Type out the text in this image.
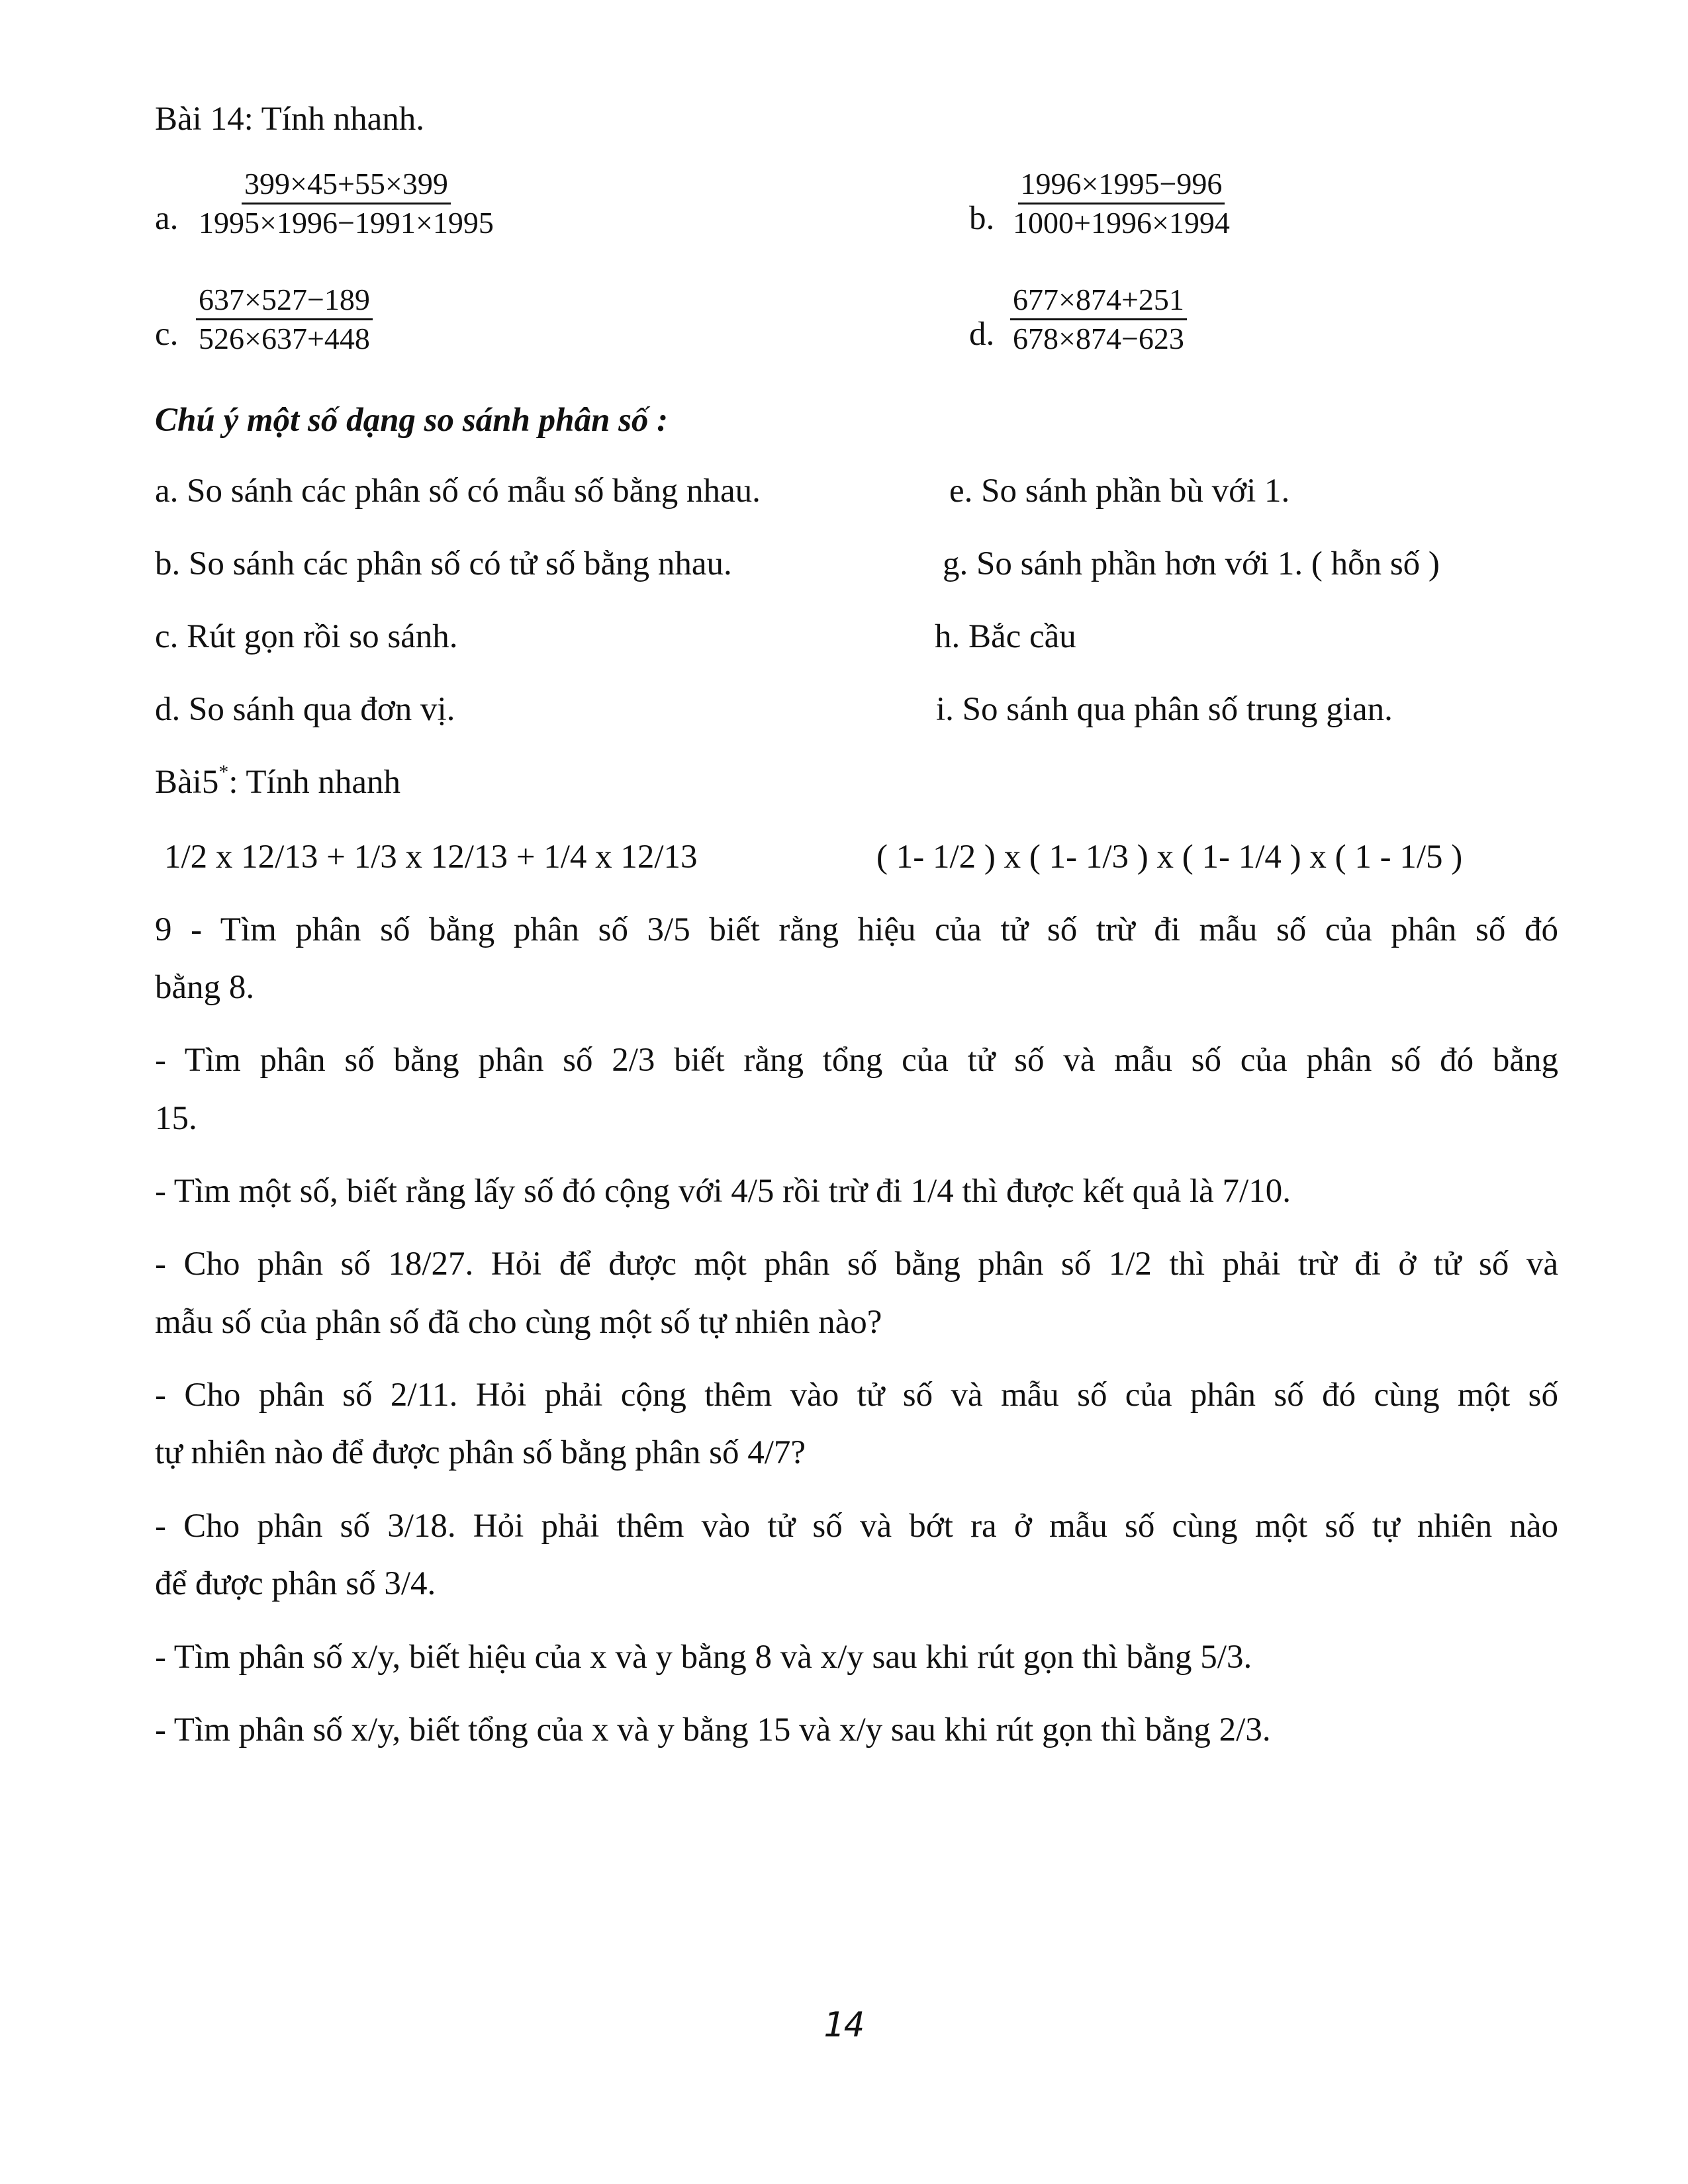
Bài 14: Tính nhanh.
a. $\frac{399\times 45+55\times 399}{1995\times 1996-1991\times 1995}$	b. $\frac{1996\times 1995-996}{1000+1996\times 1994}$
c. $\frac{637\times 527-189}{526\times 637+448}$	d. $\frac{677\times 874+251}{678\times 874-623}$
Chú ý một số dạng so sánh phân số :
a. So sánh các phân số có mẫu số bằng nhau.	e. So sánh phần bù với 1.
b. So sánh các phân số có tử số bằng nhau.	g. So sánh phần hơn với 1. ( hỗn số )
c. Rút gọn rồi so sánh.	h. Bắc cầu
d. So sánh qua đơn vị.	i. So sánh qua phân số trung gian.
Bài5*: Tính nhanh
1/2 x 12/13 + 1/3 x 12/13 + 1/4 x 12/13	( 1- 1/2 ) x ( 1- 1/3 ) x ( 1- 1/4 ) x ( 1 - 1/5 )
9 - Tìm phân số bằng phân số 3/5 biết rằng hiệu của tử số trừ đi mẫu số của phân số đó
bằng 8.
- Tìm phân số bằng phân số 2/3 biết rằng tổng của tử số và mẫu số của phân số đó bằng
15.
- Tìm một số, biết rằng lấy số đó cộng với 4/5 rồi trừ đi 1/4 thì được kết quả là 7/10.
- Cho phân số 18/27. Hỏi để được một phân số bằng phân số 1/2 thì phải trừ đi ở tử số và
mẫu số của phân số đã cho cùng một số tự nhiên nào?
- Cho phân số 2/11. Hỏi phải cộng thêm vào tử số và mẫu số của phân số đó cùng một số
tự nhiên nào để được phân số bằng phân số 4/7?
- Cho phân số 3/18. Hỏi phải thêm vào tử số và bớt ra ở mẫu số cùng một số tự nhiên nào
để được phân số 3/4.
- Tìm phân số x/y, biết hiệu của x và y bằng 8 và x/y sau khi rút gọn thì bằng 5/3.
- Tìm phân số x/y, biết tổng của x và y bằng 15 và x/y sau khi rút gọn thì bằng 2/3.
14
